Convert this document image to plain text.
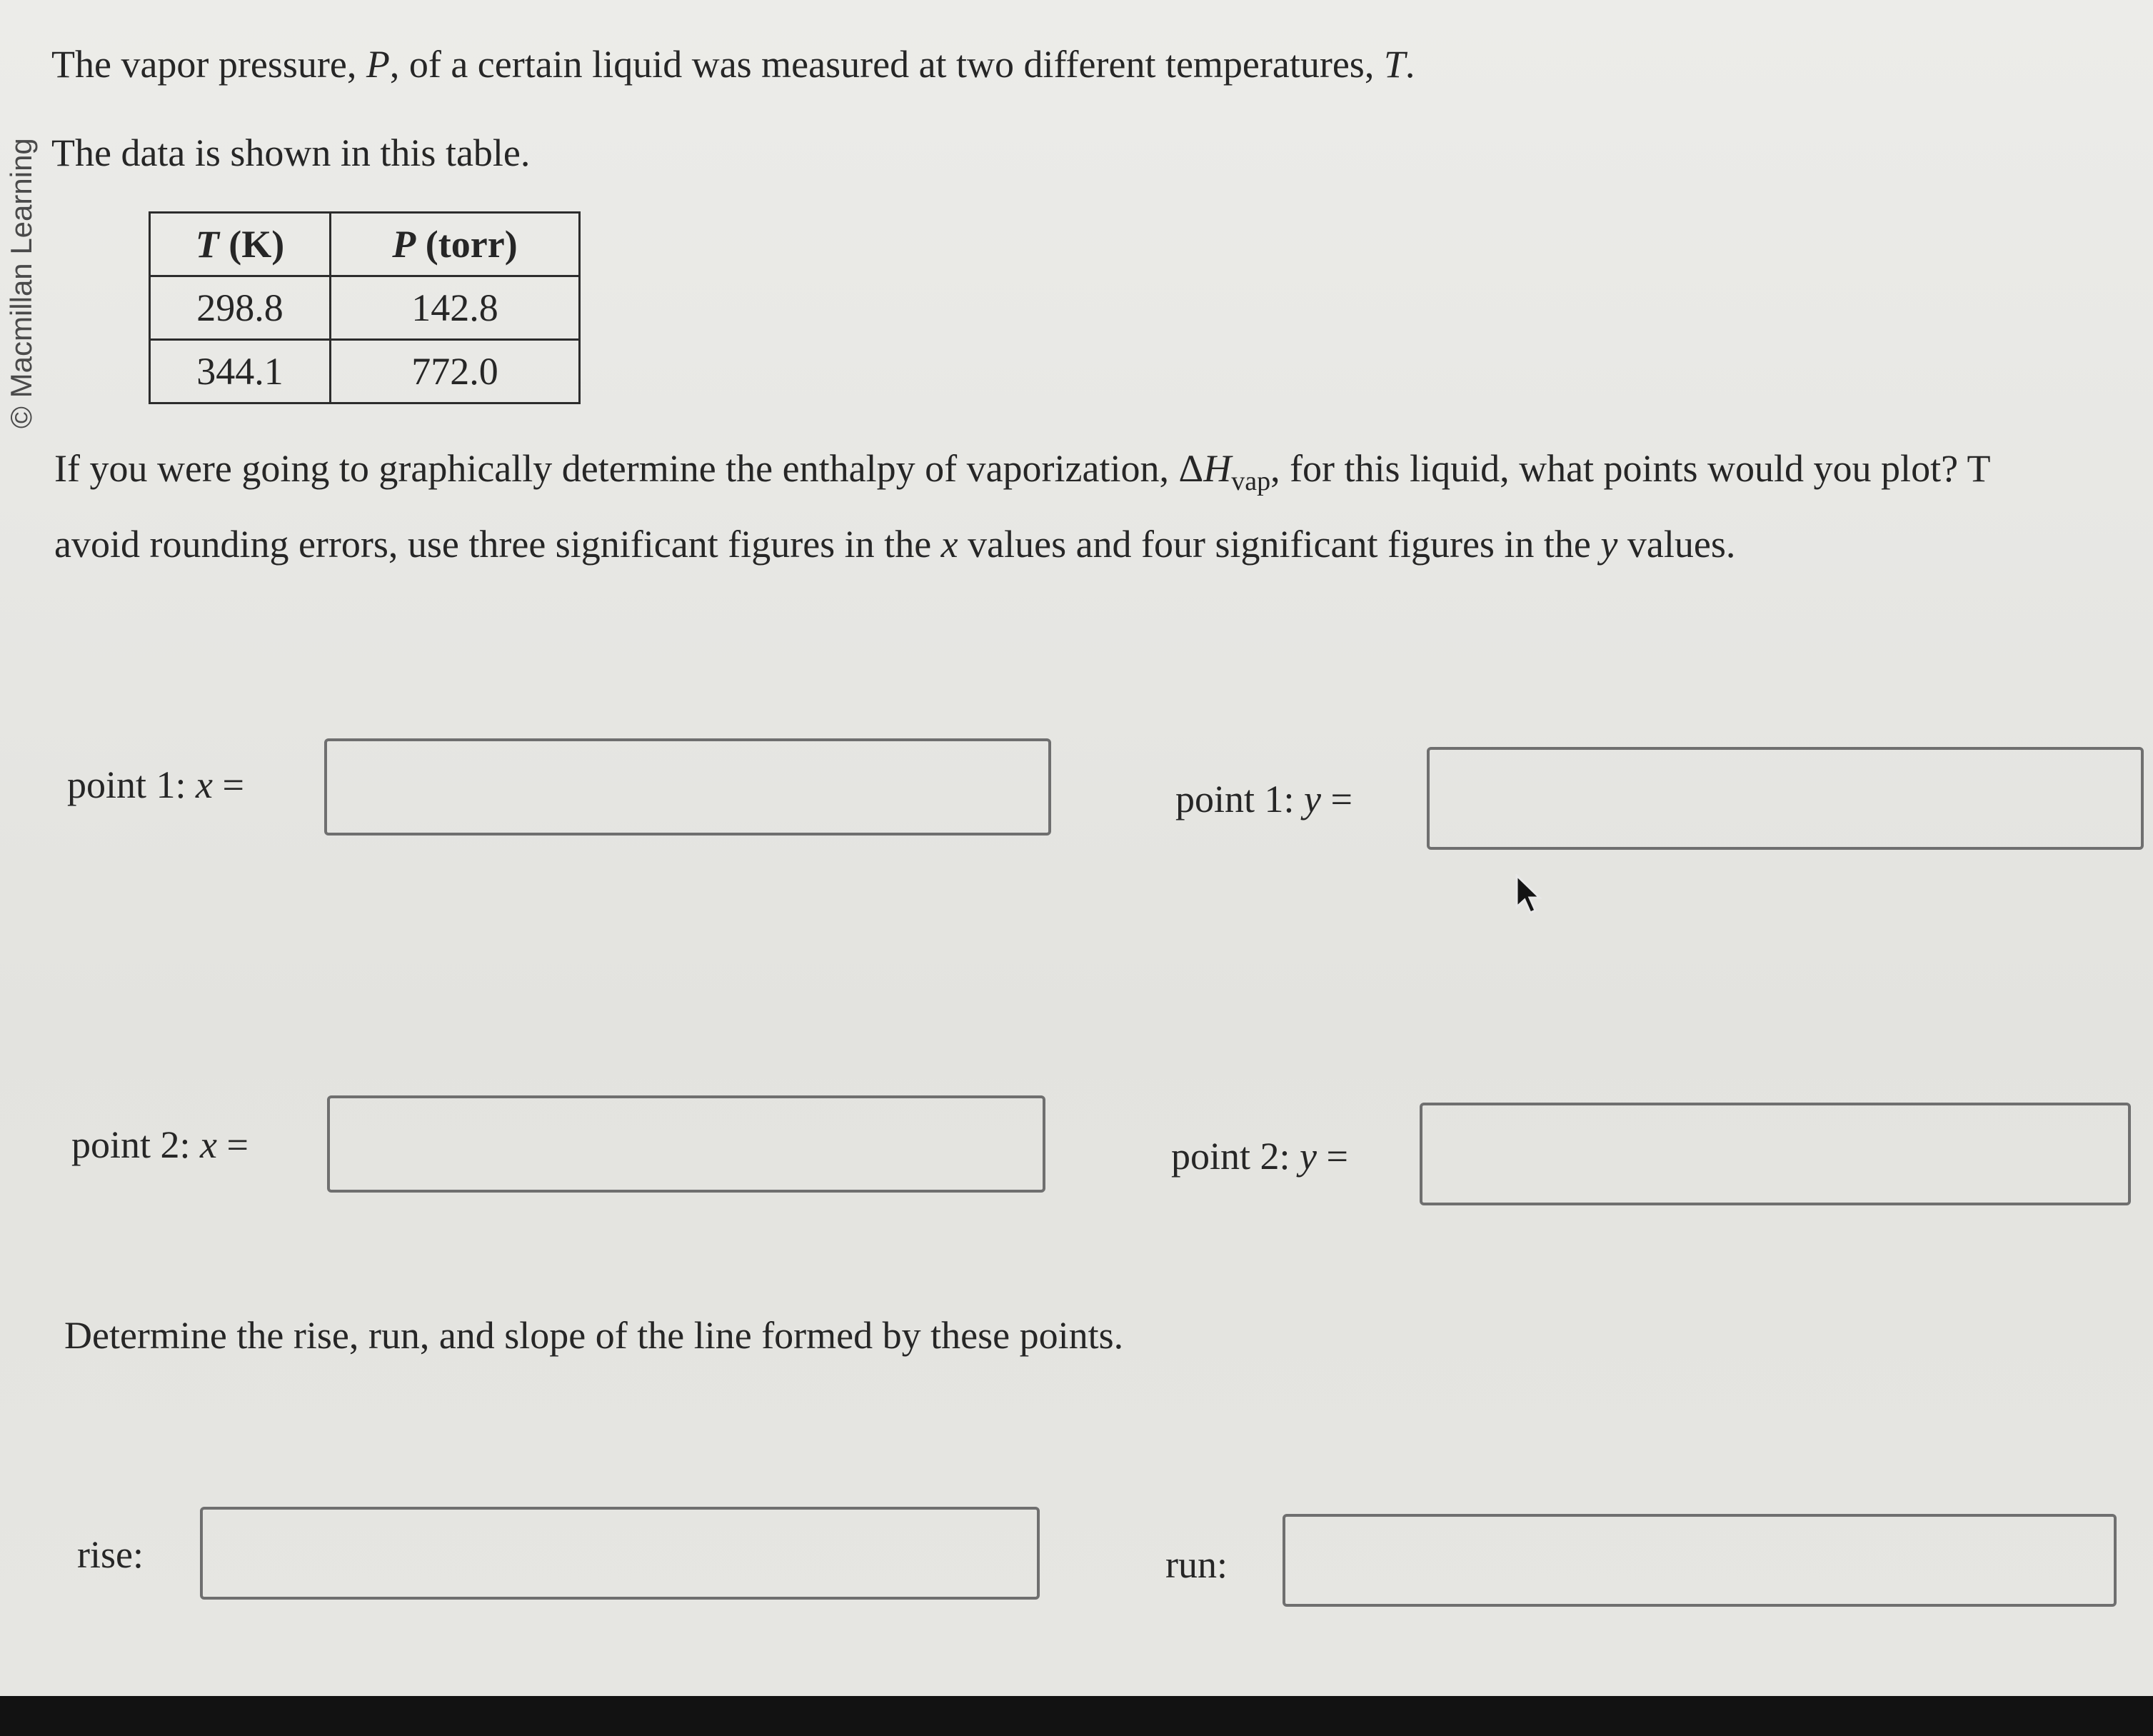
© Macmillan Learning
The vapor pressure, P, of a certain liquid was measured at two different temperatures, T.
The data is shown in this table.
T (K)	P (torr)
298.8	142.8
344.1	772.0
If you were going to graphically determine the enthalpy of vaporization, $\Delta H_{vap}$, for this liquid, what points would you plot? T
avoid rounding errors, use three significant figures in the x values and four significant figures in the y values.
point 1: x =	point 1: y =
point 2: x =	point 2: y =
Determine the rise, run, and slope of the line formed by these points.
rise:	run:
